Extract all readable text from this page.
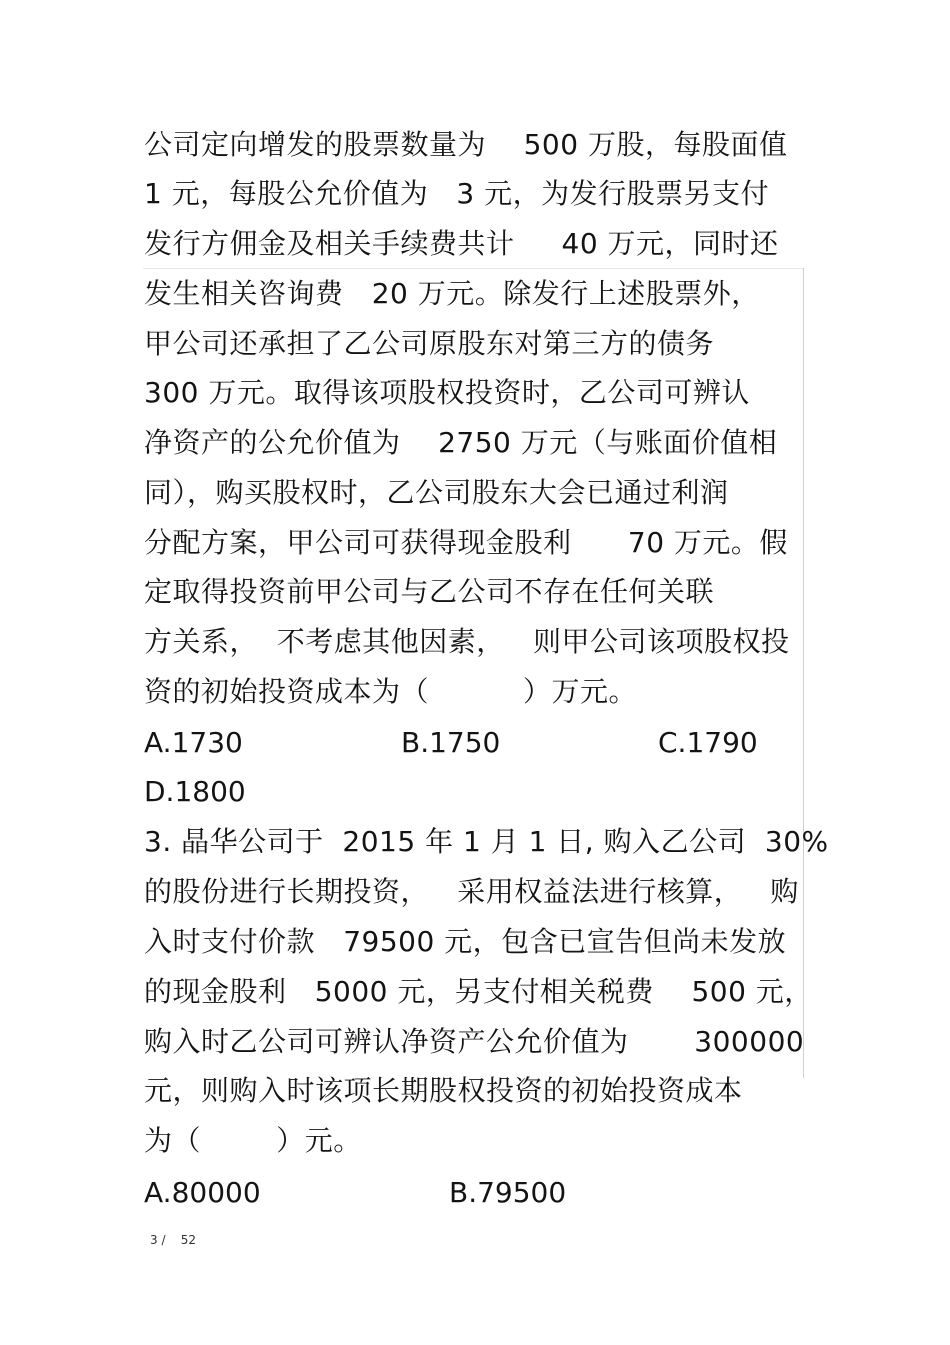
公司定向增发的股票数量为    500 万股，每股面值
1 元，每股公允价值为   3 元，为发行股票另支付
发行方佣金及相关手续费共计     40 万元，同时还
发生相关咨询费   20 万元。除发行上述股票外，
甲公司还承担了乙公司原股东对第三方的债务
300 万元。取得该项股权投资时，乙公司可辨认
净资产的公允价值为    2750 万元（与账面价值相
同），购买股权时，乙公司股东大会已通过利润
分配方案，甲公司可获得现金股利      70 万元。假
定取得投资前甲公司与乙公司不存在任何关联
方关系，  不考虑其他因素，   则甲公司该项股权投
资的初始投资成本为（          ）万元。
A.1730	B.1750	C.1790
D.1800
3. 晶华公司于  2015 年 1 月 1 日, 购入乙公司  30%
的股份进行长期投资，   采用权益法进行核算，   购
入时支付价款   79500 元，包含已宣告但尚未发放
的现金股利   5000 元，另支付相关税费    500 元，
购入时乙公司可辨认净资产公允价值为       300000
元，则购入时该项长期股权投资的初始投资成本
为（        ）元。
A.80000	B.79500
3 /    52
